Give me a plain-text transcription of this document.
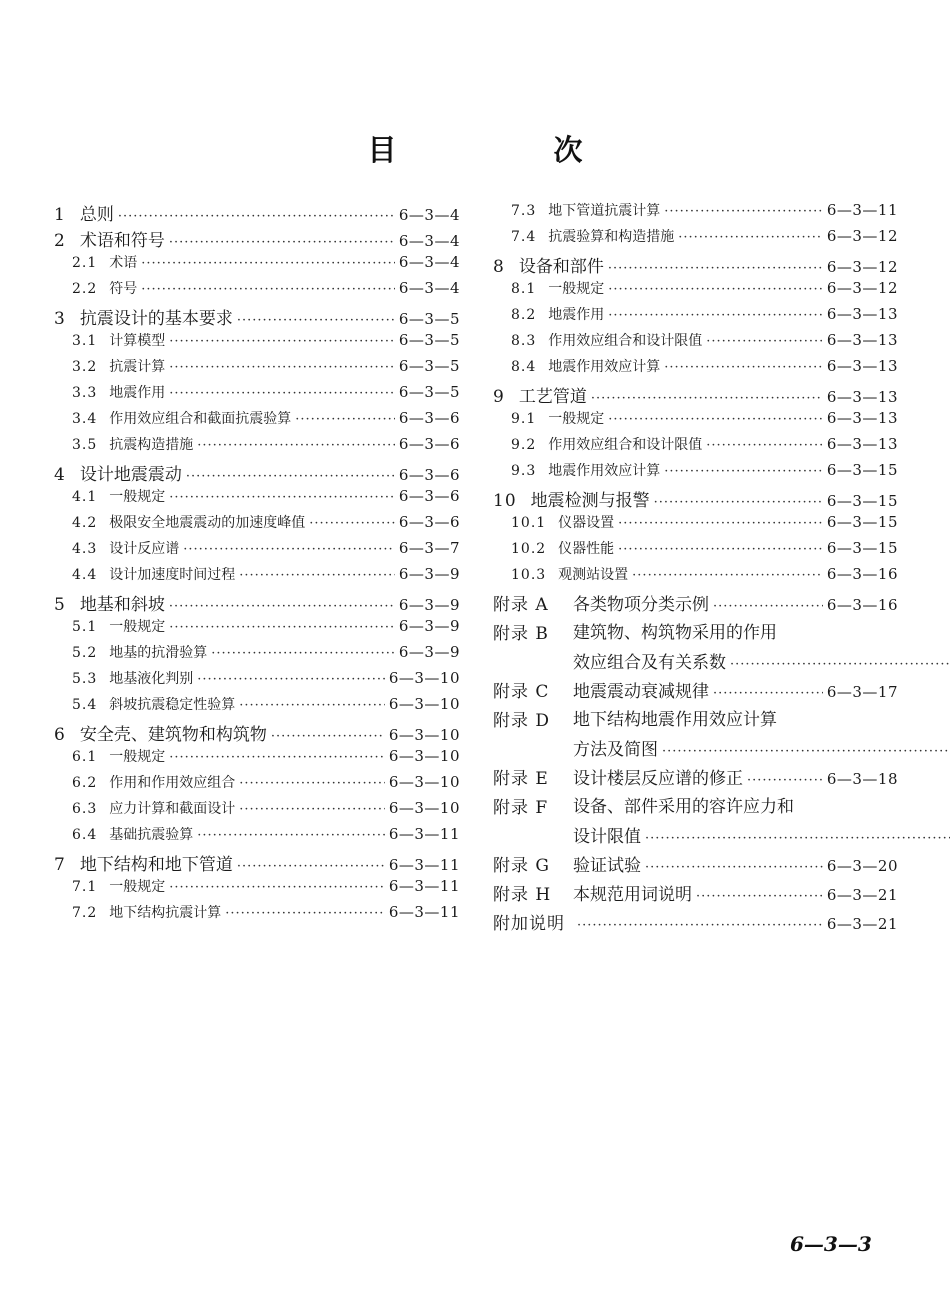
目　次
1 总则 ·····	6—3—4
2 术语和符号 ·····	6—3—4
2.1 术语 ·····	6—3—4
2.2 符号 ·····	6—3—4
3 抗震设计的基本要求 ·····	6—3—5
3.1 计算模型 ·····	6—3—5
3.2 抗震计算 ·····	6—3—5
3.3 地震作用 ·····	6—3—5
3.4 作用效应组合和截面抗震验算 ·····	6—3—6
3.5 抗震构造措施 ·····	6—3—6
4 设计地震震动 ·····	6—3—6
4.1 一般规定 ·····	6—3—6
4.2 极限安全地震震动的加速度峰值 ·····	6—3—6
4.3 设计反应谱 ·····	6—3—7
4.4 设计加速度时间过程 ·····	6—3—9
5 地基和斜坡 ·····	6—3—9
5.1 一般规定 ·····	6—3—9
5.2 地基的抗滑验算 ·····	6—3—9
5.3 地基液化判别 ·····	6—3—10
5.4 斜坡抗震稳定性验算 ·····	6—3—10
6 安全壳、建筑物和构筑物 ·····	6—3—10
6.1 一般规定 ·····	6—3—10
6.2 作用和作用效应组合 ·····	6—3—10
6.3 应力计算和截面设计 ·····	6—3—10
6.4 基础抗震验算 ·····	6—3—11
7 地下结构和地下管道 ·····	6—3—11
7.1 一般规定 ·····	6—3—11
7.2 地下结构抗震计算 ·····	6—3—11
7.3 地下管道抗震计算 ·····	6—3—11
7.4 抗震验算和构造措施 ·····	6—3—12
8 设备和部件 ·····	6—3—12
8.1 一般规定 ·····	6—3—12
8.2 地震作用 ·····	6—3—13
8.3 作用效应组合和设计限值 ·····	6—3—13
8.4 地震作用效应计算 ·····	6—3—13
9 工艺管道 ·····	6—3—13
9.1 一般规定 ·····	6—3—13
9.2 作用效应组合和设计限值 ·····	6—3—13
9.3 地震作用效应计算 ·····	6—3—15
10 地震检测与报警 ·····	6—3—15
10.1 仪器设置 ·····	6—3—15
10.2 仪器性能 ·····	6—3—15
10.3 观测站设置 ·····	6—3—16
附录 A	各类物项分类示例 ·····	6—3—16
附录 B	建筑物、构筑物采用的作用
效应组合及有关系数
·····
附录 C	地震震动衰减规律 ·····	6—3—17
附录 D	地下结构地震作用效应计算
方法及简图
·····
附录 E	设计楼层反应谱的修正 ·····	6—3—18
附录 F	设备、部件采用的容许应力和
设计限值
·····
附录 G	验证试验 ·····	6—3—20
附录 H	本规范用词说明 ·····	6—3—21
附加说明 ·····	6—3—21
6—3—3
